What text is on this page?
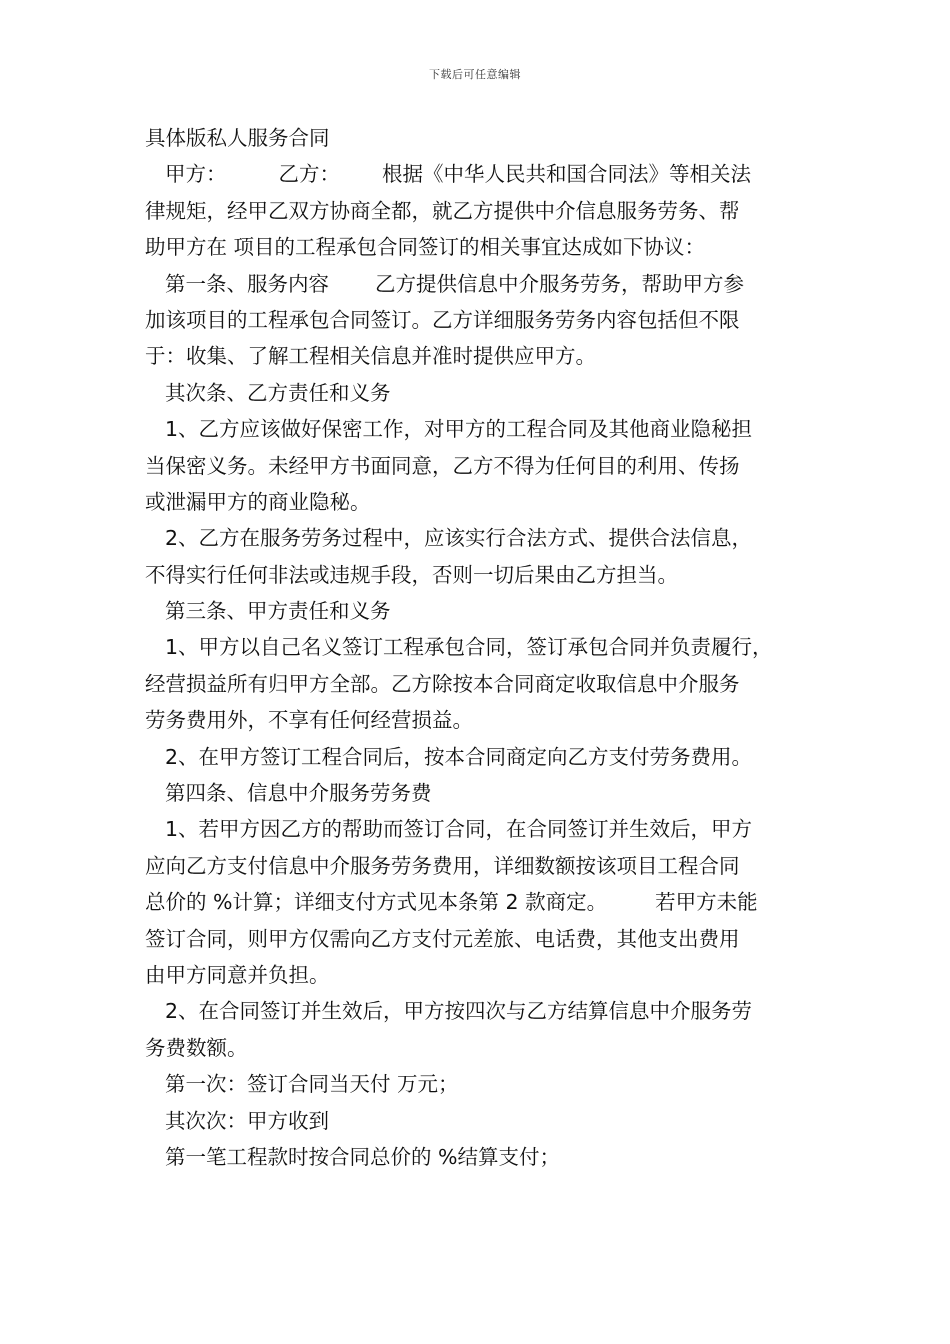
下载后可任意编辑
具体版私人服务合同
甲方：	乙方： 根据《中华人民共和国合同法》等相关法
律规矩，经甲乙双方协商全都，就乙方提供中介信息服务劳务、帮
助甲方在 项目的工程承包合同签订的相关事宜达成如下协议：
第一条、服务内容 乙方提供信息中介服务劳务，帮助甲方参
加该项目的工程承包合同签订。乙方详细服务劳务内容包括但不限
于：收集、了解工程相关信息并准时提供应甲方。
其次条、乙方责任和义务
1、乙方应该做好保密工作，对甲方的工程合同及其他商业隐秘担
当保密义务。未经甲方书面同意，乙方不得为任何目的利用、传扬
或泄漏甲方的商业隐秘。
2、乙方在服务劳务过程中，应该实行合法方式、提供合法信息，
不得实行任何非法或违规手段，否则一切后果由乙方担当。
第三条、甲方责任和义务
1、甲方以自己名义签订工程承包合同，签订承包合同并负责履行，
经营损益所有归甲方全部。乙方除按本合同商定收取信息中介服务
劳务费用外，不享有任何经营损益。
2、在甲方签订工程合同后，按本合同商定向乙方支付劳务费用。
第四条、信息中介服务劳务费
1、若甲方因乙方的帮助而签订合同，在合同签订并生效后，甲方
应向乙方支付信息中介服务劳务费用，详细数额按该项目工程合同
总价的 %计算；详细支付方式见本条第 2 款商定。 若甲方未能
签订合同，则甲方仅需向乙方支付元差旅、电话费，其他支出费用
由甲方同意并负担。
2、在合同签订并生效后，甲方按四次与乙方结算信息中介服务劳
务费数额。
第一次：签订合同当天付 万元；
其次次：甲方收到
第一笔工程款时按合同总价的 %结算支付；
